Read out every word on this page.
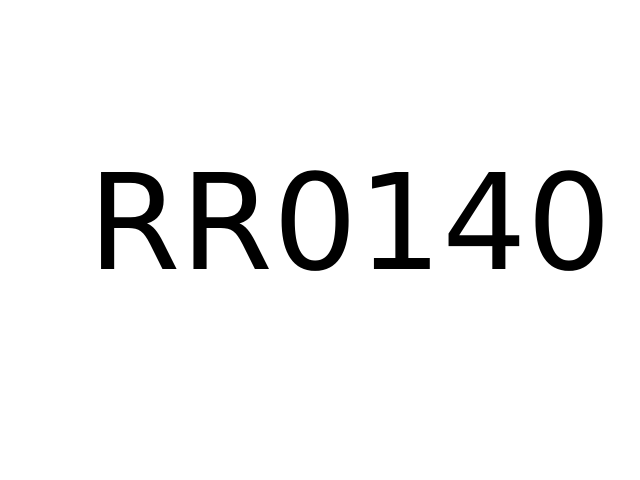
RR0140
